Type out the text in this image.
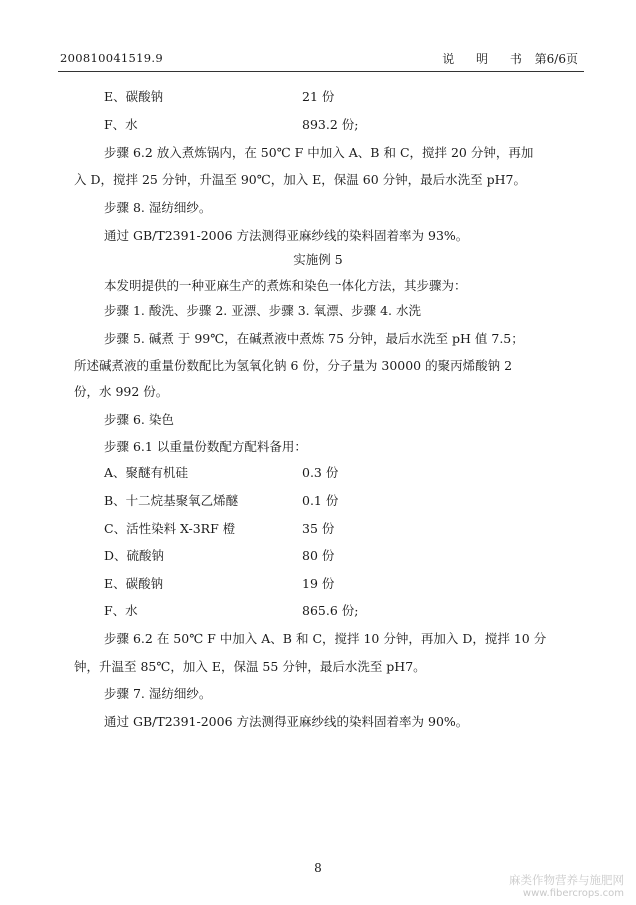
200810041519.9	说 明 书 第6/6页
E、碳酸钠	21 份
F、水	893.2 份;
步骤 6.2 放入煮炼锅内，在 50℃ F 中加入 A、B 和 C，搅拌 20 分钟，再加
入 D，搅拌 25 分钟，升温至 90℃，加入 E，保温 60 分钟，最后水洗至 pH7。
步骤 8. 湿纺细纱。
通过 GB/T2391-2006 方法测得亚麻纱线的染料固着率为 93%。
实施例 5
本发明提供的一种亚麻生产的煮炼和染色一体化方法，其步骤为：
步骤 1. 酸洗、步骤 2. 亚漂、步骤 3. 氧漂、步骤 4. 水洗
步骤 5. 碱煮 于 99℃，在碱煮液中煮炼 75 分钟，最后水洗至 pH 值 7.5；
所述碱煮液的重量份数配比为氢氧化钠 6 份，分子量为 30000 的聚丙烯酸钠 2
份，水 992 份。
步骤 6. 染色
步骤 6.1 以重量份数配方配料备用：
A、聚醚有机硅	0.3 份
B、十二烷基聚氧乙烯醚	0.1 份
C、活性染料 X-3RF 橙	35 份
D、硫酸钠	80 份
E、碳酸钠	19 份
F、水	865.6 份;
步骤 6.2 在 50℃ F 中加入 A、B 和 C，搅拌 10 分钟，再加入 D，搅拌 10 分
钟，升温至 85℃，加入 E，保温 55 分钟，最后水洗至 pH7。
步骤 7. 湿纺细纱。
通过 GB/T2391-2006 方法测得亚麻纱线的染料固着率为 90%。
8
麻类作物营养与施肥网
www.fibercrops.com
